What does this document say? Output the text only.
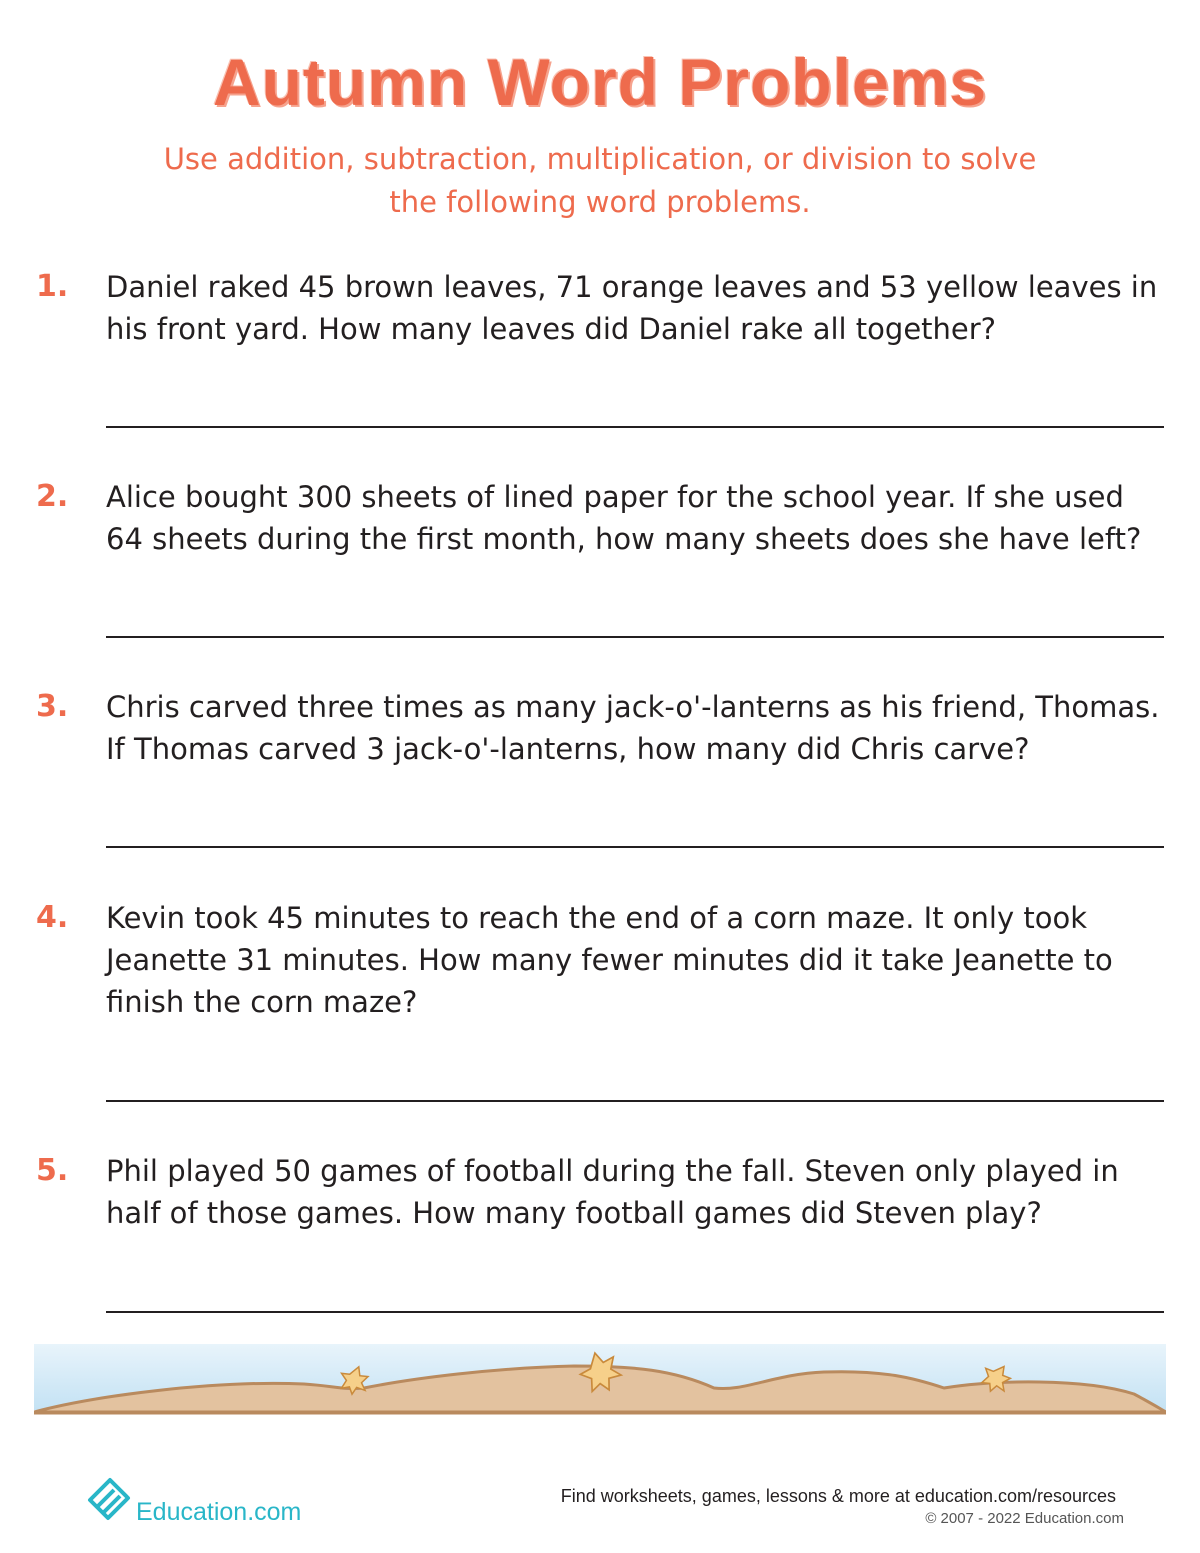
Autumn Word Problems
Use addition, subtraction, multiplication, or division to solve
the following word problems.
1. Daniel raked 45 brown leaves, 71 orange leaves and 53 yellow leaves in his front yard. How many leaves did Daniel rake all together?

2. Alice bought 300 sheets of lined paper for the school year. If she used 64 sheets during the first month, how many sheets does she have left?

3. Chris carved three times as many jack-o'-lanterns as his friend, Thomas. If Thomas carved 3 jack-o'-lanterns, how many did Chris carve?

4. Kevin took 45 minutes to reach the end of a corn maze. It only took Jeanette 31 minutes. How many fewer minutes did it take Jeanette to finish the corn maze?

5. Phil played 50 games of football during the fall. Steven only played in half of those games. How many football games did Steven play?

Education.com

Find worksheets, games, lessons & more at education.com/resources

© 2007 - 2022 Education.com
